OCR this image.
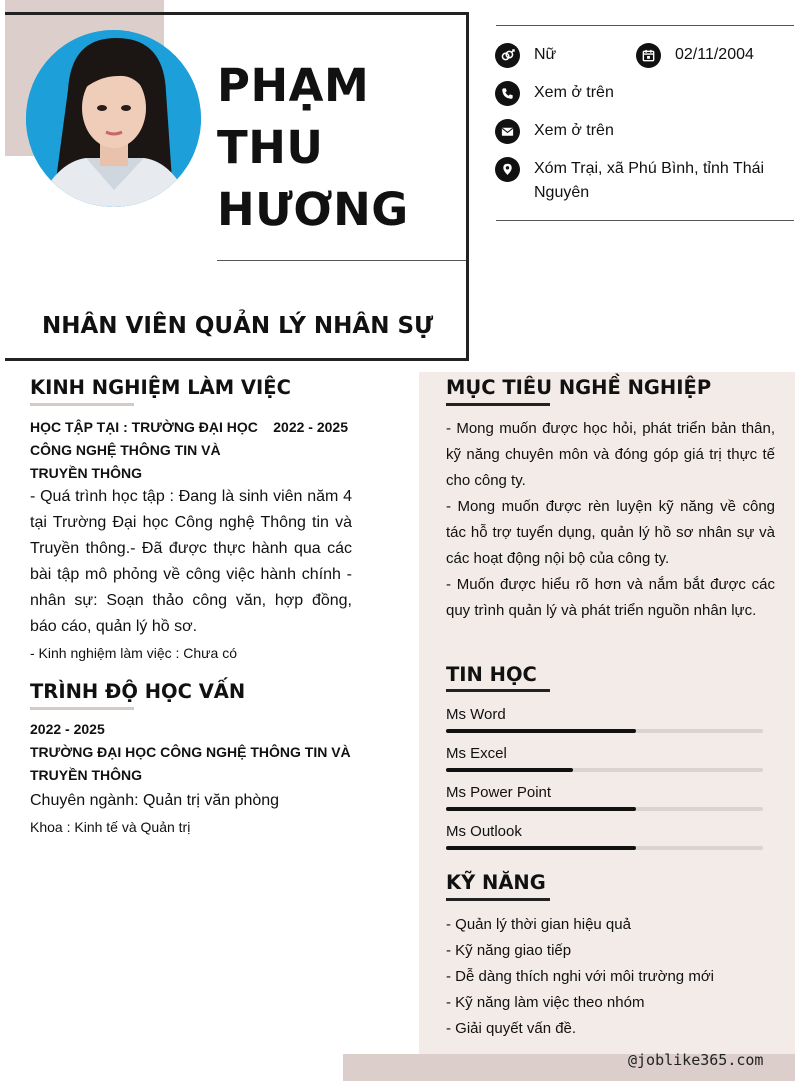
PHẠM
THU
HƯƠNG
NHÂN VIÊN QUẢN LÝ NHÂN SỰ
Nữ	02/11/2004
Xem ở trên
Xem ở trên
Xóm Trại, xã Phú Bình, tỉnh Thái
Nguyên
KINH NGHIỆM LÀM VIỆC
HỌC TẬP TẠI : TRƯỜNG ĐẠI HỌC
CÔNG NGHỆ THÔNG TIN VÀ
TRUYỀN THÔNG
2022 - 2025
- Quá trình học tập : Đang là sinh viên năm 4 tại Trường Đại học Công nghệ Thông tin và Truyền thông.- Đã được thực hành qua các bài tập mô phỏng về công việc hành chính - nhân sự: Soạn thảo công văn, hợp đồng, báo cáo, quản lý hồ sơ.
- Kinh nghiệm làm việc : Chưa có
TRÌNH ĐỘ HỌC VẤN
2022 - 2025
TRƯỜNG ĐẠI HỌC CÔNG NGHỆ THÔNG TIN VÀ
TRUYỀN THÔNG
Chuyên ngành: Quản trị văn phòng
Khoa : Kinh tế và Quản trị
MỤC TIÊU NGHỀ NGHIỆP

- Mong muốn được học hỏi, phát triển bản thân, kỹ năng chuyên môn và đóng góp giá trị thực tế cho công ty.

- Mong muốn được rèn luyện kỹ năng về công tác hỗ trợ tuyển dụng, quản lý hồ sơ nhân sự và các hoạt động nội bộ của công ty.

- Muốn được hiểu rõ hơn và nắm bắt được các quy trình quản lý và phát triển nguồn nhân lực.

TIN HỌC
Ms Word
Ms Excel
Ms Power Point
Ms Outlook
KỸ NĂNG
- Quản lý thời gian hiệu quả
- Kỹ năng giao tiếp
- Dễ dàng thích nghi với môi trường mới
- Kỹ năng làm việc theo nhóm
- Giải quyết vấn đề.
@joblike365.com
